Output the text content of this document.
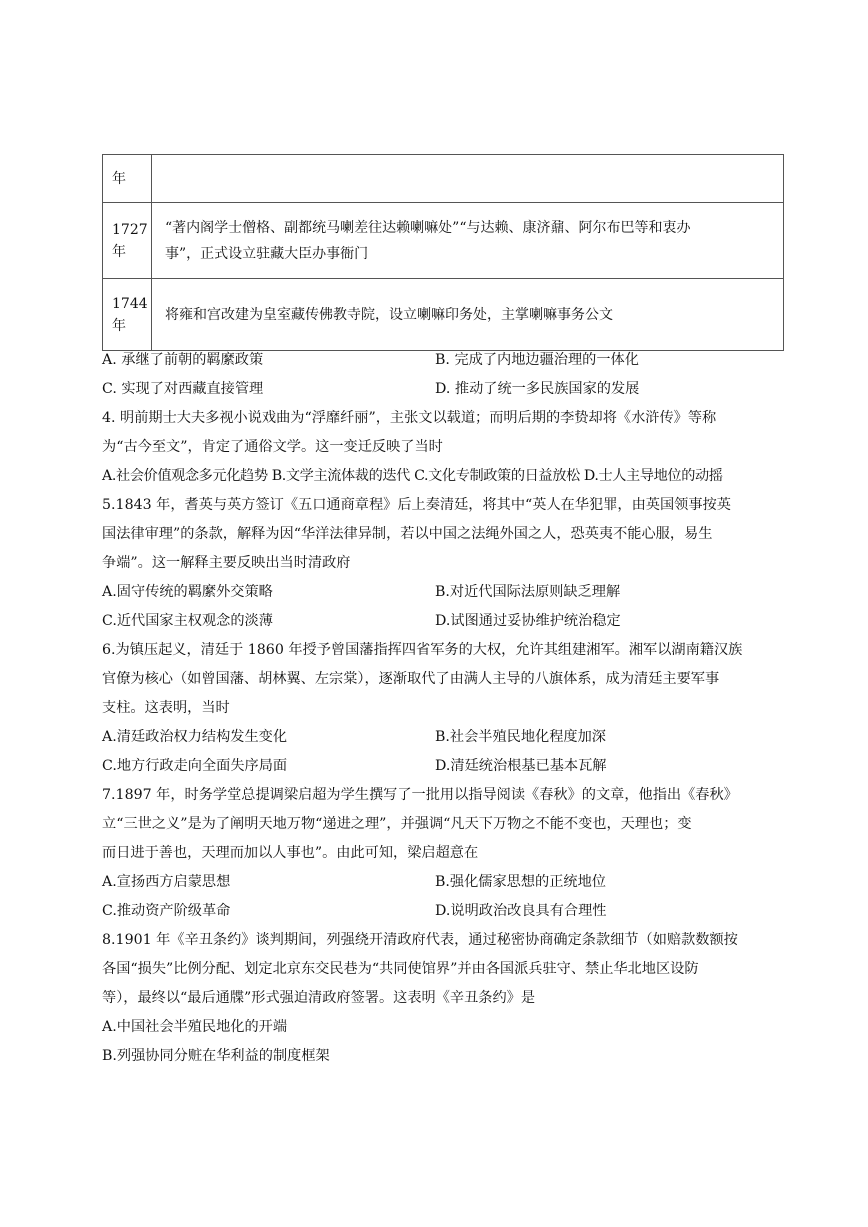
年	
1727年	“著内阁学士僧格、副都统马喇差往达赖喇嘛处”“与达赖、康济鼐、阿尔布巴等和衷办
事”，正式设立驻藏大臣办事衙门

1744年	将雍和宫改建为皇室藏传佛教寺院，设立喇嘛印务处，主掌喇嘛事务公文
A. 承继了前朝的羁縻政策	B. 完成了内地边疆治理的一体化
C. 实现了对西藏直接管理	D. 推动了统一多民族国家的发展
4. 明前期士大夫多视小说戏曲为“浮靡纤丽”，主张文以载道；而明后期的李贽却将《水浒传》等称
为“古今至文”，肯定了通俗文学。这一变迁反映了当时
A.社会价值观念多元化趋势 B.文学主流体裁的迭代 C.文化专制政策的日益放松 D.士人主导地位的动摇
5.1843 年，耆英与英方签订《五口通商章程》后上奏清廷，将其中“英人在华犯罪，由英国领事按英
国法律审理”的条款，解释为因“华洋法律异制，若以中国之法绳外国之人，恐英夷不能心服，易生
争端”。这一解释主要反映出当时清政府
A.固守传统的羁縻外交策略	B.对近代国际法原则缺乏理解
C.近代国家主权观念的淡薄	D.试图通过妥协维护统治稳定
6.为镇压起义，清廷于 1860 年授予曾国藩指挥四省军务的大权，允许其组建湘军。湘军以湖南籍汉族
官僚为核心（如曾国藩、胡林翼、左宗棠），逐渐取代了由满人主导的八旗体系，成为清廷主要军事
支柱。这表明，当时
A.清廷政治权力结构发生变化	B.社会半殖民地化程度加深
C.地方行政走向全面失序局面	D.清廷统治根基已基本瓦解
7.1897 年，时务学堂总提调梁启超为学生撰写了一批用以指导阅读《春秋》的文章，他指出《春秋》
立“三世之义”是为了阐明天地万物“递进之理”，并强调“凡天下万物之不能不变也，天理也；变
而日进于善也，天理而加以人事也”。由此可知，梁启超意在
A.宣扬西方启蒙思想	B.强化儒家思想的正统地位
C.推动资产阶级革命	D.说明政治改良具有合理性
8.1901 年《辛丑条约》谈判期间，列强绕开清政府代表，通过秘密协商确定条款细节（如赔款数额按
各国“损失”比例分配、划定北京东交民巷为“共同使馆界”并由各国派兵驻守、禁止华北地区设防
等），最终以“最后通牒”形式强迫清政府签署。这表明《辛丑条约》是
A.中国社会半殖民地化的开端
B.列强协同分赃在华利益的制度框架
